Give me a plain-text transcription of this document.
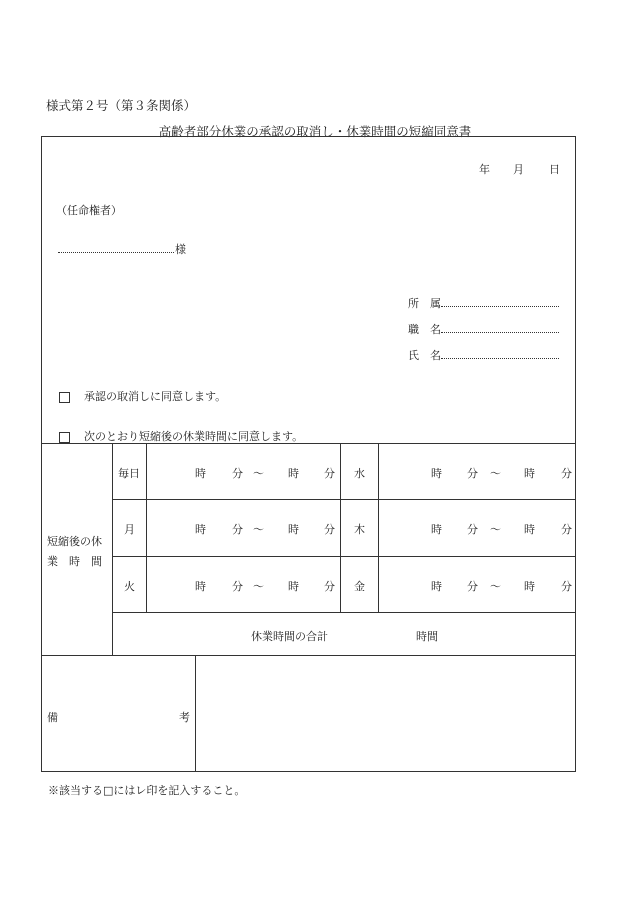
様式第２号（第３条関係）
高齢者部分休業の承認の取消し・休業時間の短縮同意書
年 月 日
（任命権者）
様
所　属
職　名
氏　名
承認の取消しに同意します。
次のとおり短縮後の休業時間に同意します。
短縮後の休
業　時　間
毎日	時 分 ～ 時 分 水	時 分 ～ 時 分
月	時 分 ～ 時 分 木	時 分 ～ 時 分
火	時 分 ～ 時 分 金	時 分 ～ 時 分
休業時間の合計	時間
備	考
※該当する□にはレ印を記入すること。
